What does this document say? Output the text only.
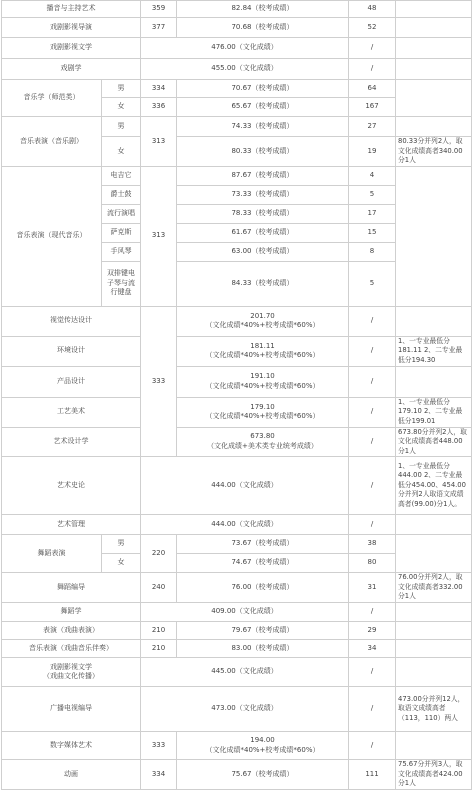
播音与主持艺术		359	82.84（校考成绩）	48	
戏剧影视导演		377	70.68（校考成绩）	52	
戏剧影视文学		476.00（文化成绩）		/	
戏剧学		455.00（文化成绩）		/	
音乐学（师范类）	男	334	70.67（校考成绩）	64	
	女	336	65.67（校考成绩）	167	
音乐表演（音乐剧）	男	313	74.33（校考成绩）	27	
	女		80.33（校考成绩）	19	80.33分并列2人，取文化成绩高者340.00分1人
音乐表演（现代音乐）	电吉它	313	87.67（校考成绩）	4	
	爵士鼓		73.33（校考成绩）	5	
	流行演唱		78.33（校考成绩）	17	
	萨克斯		61.67（校考成绩）	15	
	手风琴		63.00（校考成绩）	8	
	双排键电子琴与流行键盘		84.33（校考成绩）	5	
视觉传达设计		333	201.70
（文化成绩*40%+校考成绩*60%）	/	
环境设计			181.11
（文化成绩*40%+校考成绩*60%）	/	1、一专业最低分181.11 2、二专业最低分194.30
产品设计			191.10
（文化成绩*40%+校考成绩*60%）	/	
工艺美术			179.10
（文化成绩*40%+校考成绩*60%）	/	1、一专业最低分179.10 2、二专业最低分199.01
艺术设计学			673.80
（文化成绩+美术类专业统考成绩）	/	673.80分并列2人，取文化成绩高者448.00分1人
艺术史论		444.00（文化成绩）		/	1、一专业最低分444.00 2、二专业最低分454.00、454.00分并列2人取语文成绩高者(99.00)分1人。
艺术管理		444.00（文化成绩）		/	
舞蹈表演	男	220	73.67（校考成绩）	38	
	女		74.67（校考成绩）	80	
舞蹈编导		240	76.00（校考成绩）	31	76.00分并列2人，取文化成绩高者332.00分1人
舞蹈学		409.00（文化成绩）		/	
表演（戏曲表演）		210	79.67（校考成绩）	29	
音乐表演（戏曲音乐伴奏）		210	83.00（校考成绩）	34	

戏剧影视文学
（戏曲文化传播）		445.00（文化成绩）		/	
广播电视编导		473.00（文化成绩）		/	473.00分并列12人，取语文成绩高者（113，110）两人
数字媒体艺术		333	194.00
（文化成绩*40%+校考成绩*60%）	/	
动画		334	75.67（校考成绩）	111	75.67分并列3人，取文化成绩高者424.00分1人
